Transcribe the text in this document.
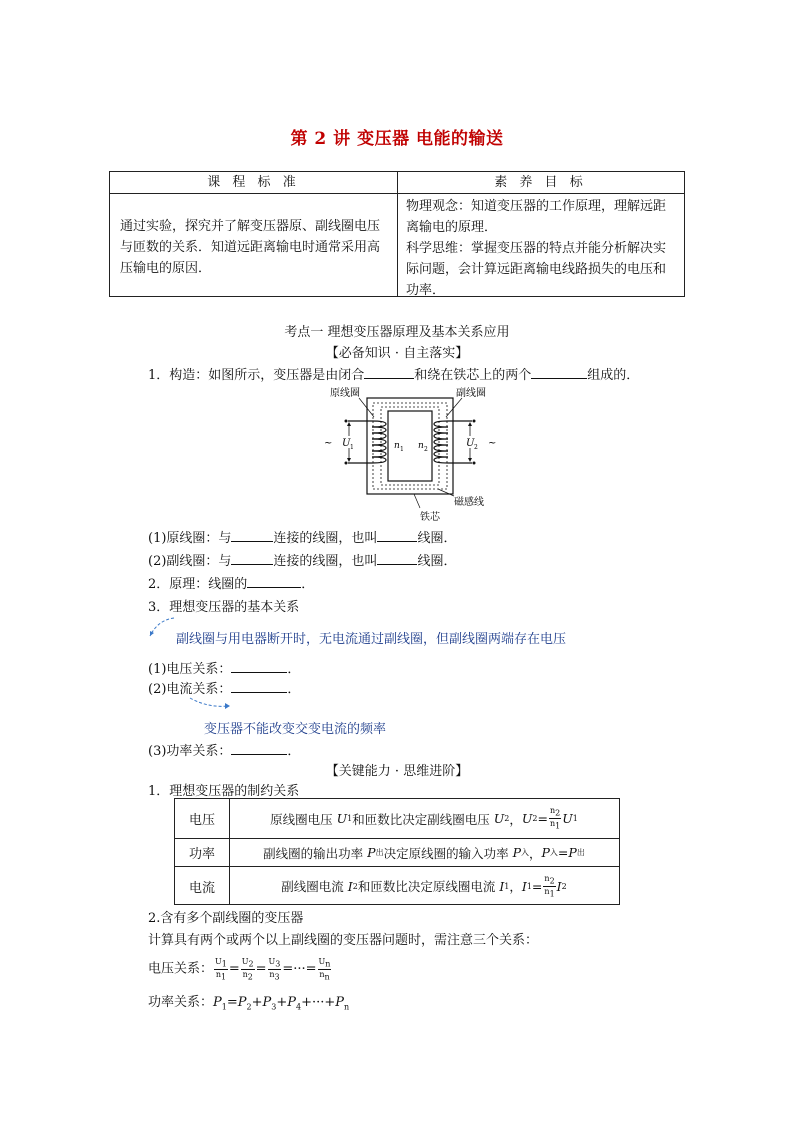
第 2 讲 变压器 电能的输送
课 程 标 准	素 养 目 标
通过实验，探究并了解变压器原、副线圈电压与匝数的关系．知道远距离输电时通常采用高压输电的原因．
物理观念：知道变压器的工作原理，理解远距离输电的原理．
科学思维：掌握变压器的特点并能分析解决实际问题，会计算远距离输电线路损失的电压和功率．
考点一 理想变压器原理及基本关系应用
【必备知识 · 自主落实】
1．构造：如图所示，变压器是由闭合	和绕在铁芯上的两个	组成的．
原线圈	副线圈
磁感线
铁芯
~	~
U 1	U 2
n 1 n 2
(1)原线圈：与	连接的线圈，也叫	线圈．
(2)副线圈：与	连接的线圈，也叫	线圈．
2．原理：线圈的	．
3．理想变压器的基本关系
副线圈与用电器断开时，无电流通过副线圈，但副线圈两端存在电压
(1)电压关系：	．
(2)电流关系：	．
变压器不能改变交变电流的频率
(3)功率关系：	．
【关键能力 · 思维进阶】
1．理想变压器的制约关系
电压	原线圈电压 U 1 和匝数比决定副线圈电压 U 2 ， U $2 = \frac{n_2}{n_1}$ U 1
功率	副线圈的输出功率 P 出 决定原线圈的输入功率 P 入 ， P 入 = P 出
电流	副线圈电流 I 2 和匝数比决定原线圈电流 I 1 ， I $1 = \frac{n_2}{n_1}$ I 2
2.含有多个副线圈的变压器
计算具有两个或两个以上副线圈的变压器问题时，需注意三个关系：
电压关系： $\frac{U_1}{n_1} = \frac{U_2}{n_2} = \frac{U_3}{n_3}$ =···= $\frac{U_n}{n_n}$
功率关系：$P_1=P_2+P_3+P_4+\cdot\cdot\cdot+P_n$
